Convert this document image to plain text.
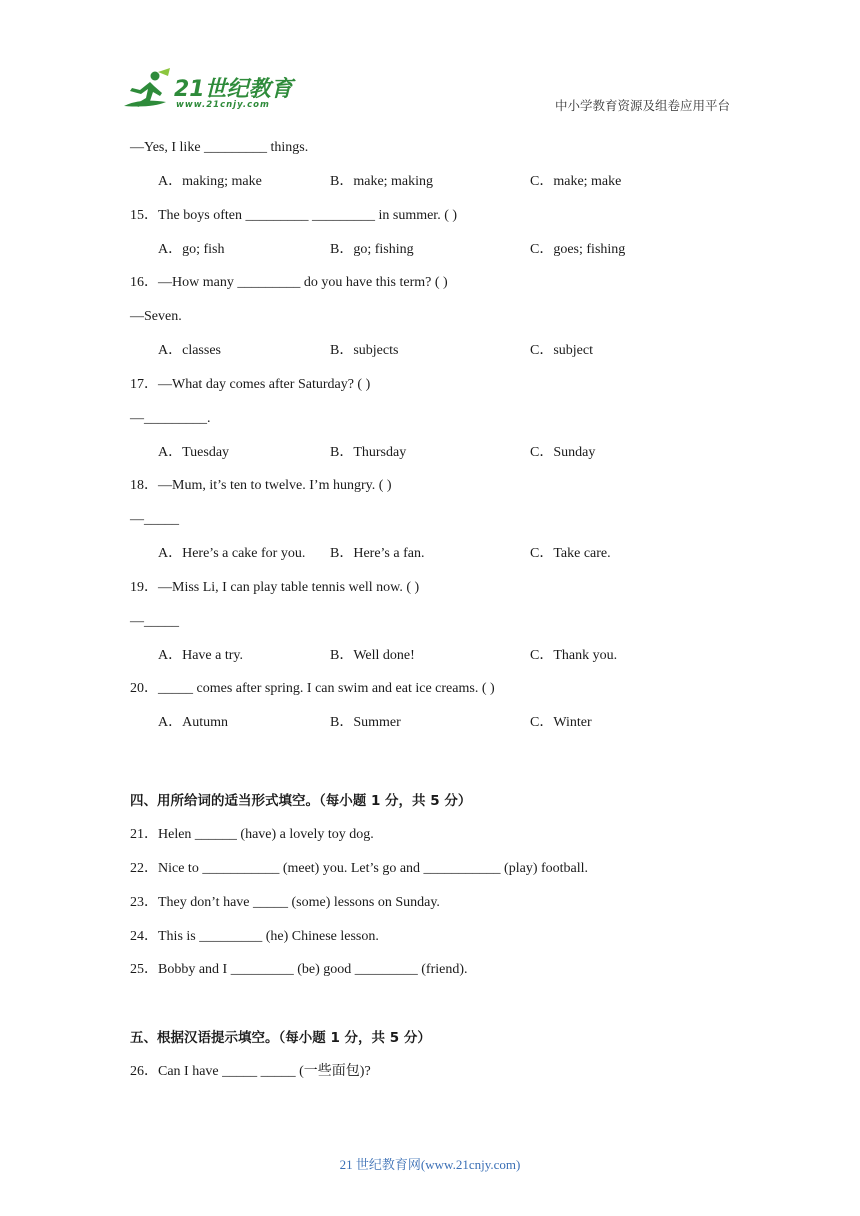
21世纪教育
www.21cnjy.com	中小学教育资源及组卷应用平台
—Yes, I like _________ things.
A．making; make	B．make; making	C．make; make
15．The boys often _________ _________ in summer. ( )
A．go; fish	B．go; fishing	C．goes; fishing
16．—How many _________ do you have this term? ( )
—Seven.
A．classes	B．subjects	C．subject
17．—What day comes after Saturday? ( )
—_________.
A．Tuesday	B．Thursday	C．Sunday
18．—Mum, it’s ten to twelve. I’m hungry. ( )
—_____
A．Here’s a cake for you. B．Here’s a fan.	C．Take care.
19．—Miss Li, I can play table tennis well now. ( )
—_____
A．Have a try.	B．Well done!	C．Thank you.
20．_____ comes after spring. I can swim and eat ice creams. ( )
A．Autumn	B．Summer	C．Winter
四、用所给词的适当形式填空。（每小题 1 分，共 5 分）
21．Helen ______ (have) a lovely toy dog.
22．Nice to ___________ (meet) you. Let’s go and ___________ (play) football.
23．They don’t have _____ (some) lessons on Sunday.
24．This is _________ (he) Chinese lesson.
25．Bobby and I _________ (be) good _________ (friend).
五、根据汉语提示填空。（每小题 1 分，共 5 分）
26．Can I have _____ _____ (一些面包)?
21 世纪教育网(www.21cnjy.com)
